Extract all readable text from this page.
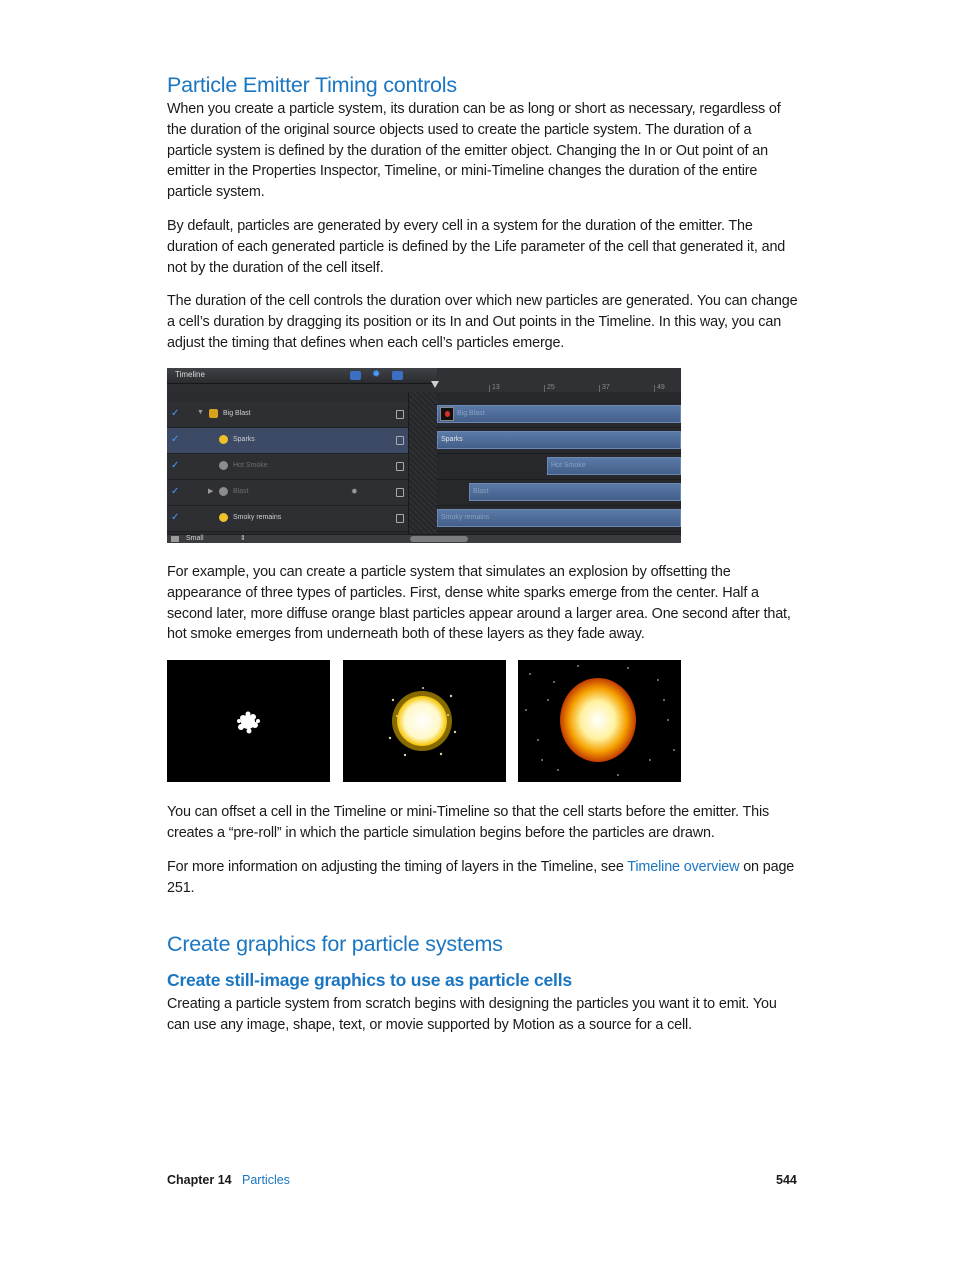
Particle Emitter Timing controls

When you create a particle system, its duration can be as long or short as necessary, regardless of the duration of the original source objects used to create the particle system. The duration of a particle system is defined by the duration of the emitter object. Changing the In or Out point of an emitter in the Properties Inspector, Timeline, or mini-Timeline changes the duration of the entire particle system.

By default, particles are generated by every cell in a system for the duration of the emitter. The duration of each generated particle is defined by the Life parameter of the cell that generated it, and not by the duration of the cell itself.

The duration of the cell controls the duration over which new particles are generated. You can change a cell’s duration by dragging its position or its In and Out points in the Timeline. In this way, you can adjust the timing that defines when each cell’s particles emerge.

Timeline	✹
13	25	37	49
✓	▼	Big Blast
✓	Sparks
✓	Hot Smoke
✓	▶	Blast	✹
✓	Smoky remains
Big Blast
Sparks
Hot Smoke
Blast
Smoky remains
Small	⇕

For example, you can create a particle system that simulates an explosion by offsetting the appearance of three types of particles. First, dense white sparks emerge from the center. Half a second later, more diffuse orange blast particles appear around a larger area. One second after that, hot smoke emerges from underneath both of these layers as they fade away.

You can offset a cell in the Timeline or mini-Timeline so that the cell starts before the emitter. This creates a “pre-roll” in which the particle simulation begins before the particles are drawn.

For more information on adjusting the timing of layers in the Timeline, see Timeline overview on page 251.

Create graphics for particle systems
Create still-image graphics to use as particle cells

Creating a particle system from scratch begins with designing the particles you want it to emit. You can use any image, shape, text, or movie supported by Motion as a source for a cell.

Chapter 14 Particles	544
